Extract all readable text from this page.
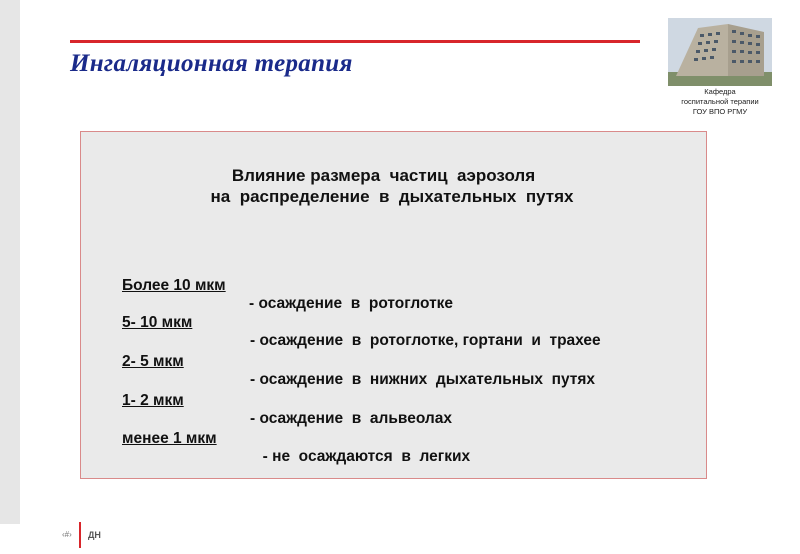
Ингаляционная терапия
Кафедра
госпитальной терапии
ГОУ ВПО РГМУ
Влияние размера  частиц  аэрозоля
на  распределение  в  дыхательных  путях

Более 10 мкм

- осаждение  в  ротоглотке

5- 10 мкм

- осаждение  в  ротоглотке, гортани  и  трахее

2- 5 мкм

- осаждение  в  нижних  дыхательных  путях

1- 2 мкм

- осаждение  в  альвеолах

менее 1 мкм

- не  осаждаются  в  легких

‹#› ДН
